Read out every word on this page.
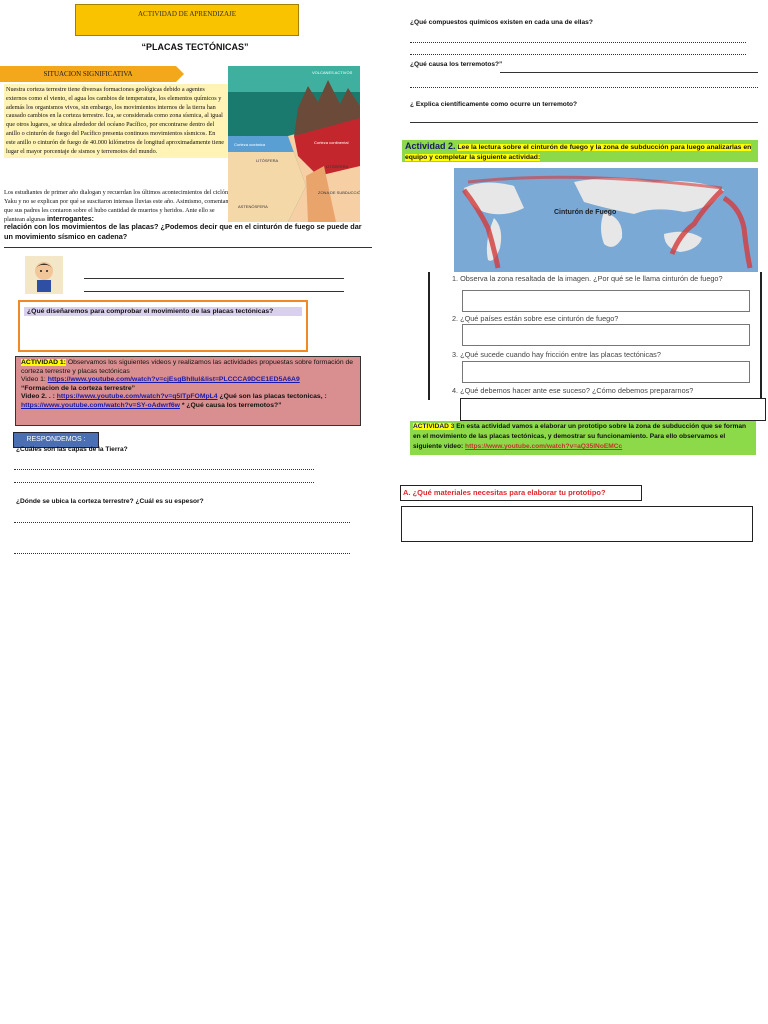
ACTIVIDAD DE APRENDIZAJE
“PLACAS TECTÓNICAS”
SITUACION SIGNIFICATIVA
Nuestra corteza terrestre tiene diversas formaciones geológicas debido a agentes externos como el viento, el agua los cambios de temperatura, los elementos químicos y además los organismos vivos, sin embargo, los movimientos internos de la tierra han causado cambios en la corteza terrestre. Ica, se considerada como zona sísmica, al igual que otros lugares, se ubica alrededor del océano Pacífico, por encontrarse dentro del anillo o cinturón de fuego del Pacífico presenta continuos movimientos sísmicos. En este anillo o cinturón de fuego de 40.000 kilómetros de longitud aproximadamente tiene lugar el mayor porcentaje de sismos y terremotos del mundo.
Los estudiantes de primer año dialogan y recuerdan los últimos acontecimientos del ciclón Yaku y no se explican por qué se suscitaron intensas lluvias este año. Asimismo, comentan que sus padres les contaron sobre el hubo cantidad de muertos y heridos. Ante ello se plantean algunas interrogantes:
relación con los movimientos de las placas? ¿Podemos decir que en el cinturón de fuego se puede dar un movimiento sísmico en cadena?
VOLCANES ACTIVOS
Corteza oceánica	Corteza continental
LITÓSFERA
LITÓSFERA
ASTENÓSFERA
ZONA DE SUBDUCCIÓN
¿Qué diseñaremos para comprobar el movimiento de las placas tectónicas?
ACTIVIDAD 1: Observamos los siguientes videos y realizamos las actividades propuestas sobre formación de corteza terrestre y placas tectónicas
Video 1: https://www.youtube.com/watch?v=cjEsgBhlIul&list=PLCCCA9DCE1ED5A6A9
“Formacion de la corteza terrestre”
Video 2. . : https://www.youtube.com/watch?v=q5lTpFOMpL4 ¿Qué son las placas tectonicas, :
https://www.youtube.com/watch?v=SY-oAdwrf6w * ¿Qué causa los terremotos?”
RESPONDEMOS :
¿Cuáles son las capas de la Tierra?
¿Dónde se ubica la corteza terrestre? ¿Cuál es su espesor?
¿Qué compuestos químicos existen en cada una de ellas?
¿Qué causa los terremotos?”
¿ Explica científicamente como ocurre un terremoto?
Actividad 2. Lee la lectura sobre el cinturón de fuego y la zona de subducción para luego analizarlas en equipo y completar la siguiente actividad:
Cinturón de Fuego
1. Observa la zona resaltada de la imagen. ¿Por qué se le llama cinturón de fuego?
2. ¿Qué países están sobre ese cinturón de fuego?
3. ¿Qué sucede cuando hay fricción entre las placas tectónicas?
4. ¿Qué debemos hacer ante ese suceso? ¿Cómo debemos prepararnos?
ACTIVIDAD 3 En esta actividad vamos a elaborar un prototipo sobre la zona de subducción que se forman en el movimiento de las placas tectónicas, y demostrar su funcionamiento. Para ello observamos el siguiente video: https://www.youtube.com/watch?v=aQ35lNoEMCc
A. ¿Qué materiales necesitas para elaborar tu prototipo?
